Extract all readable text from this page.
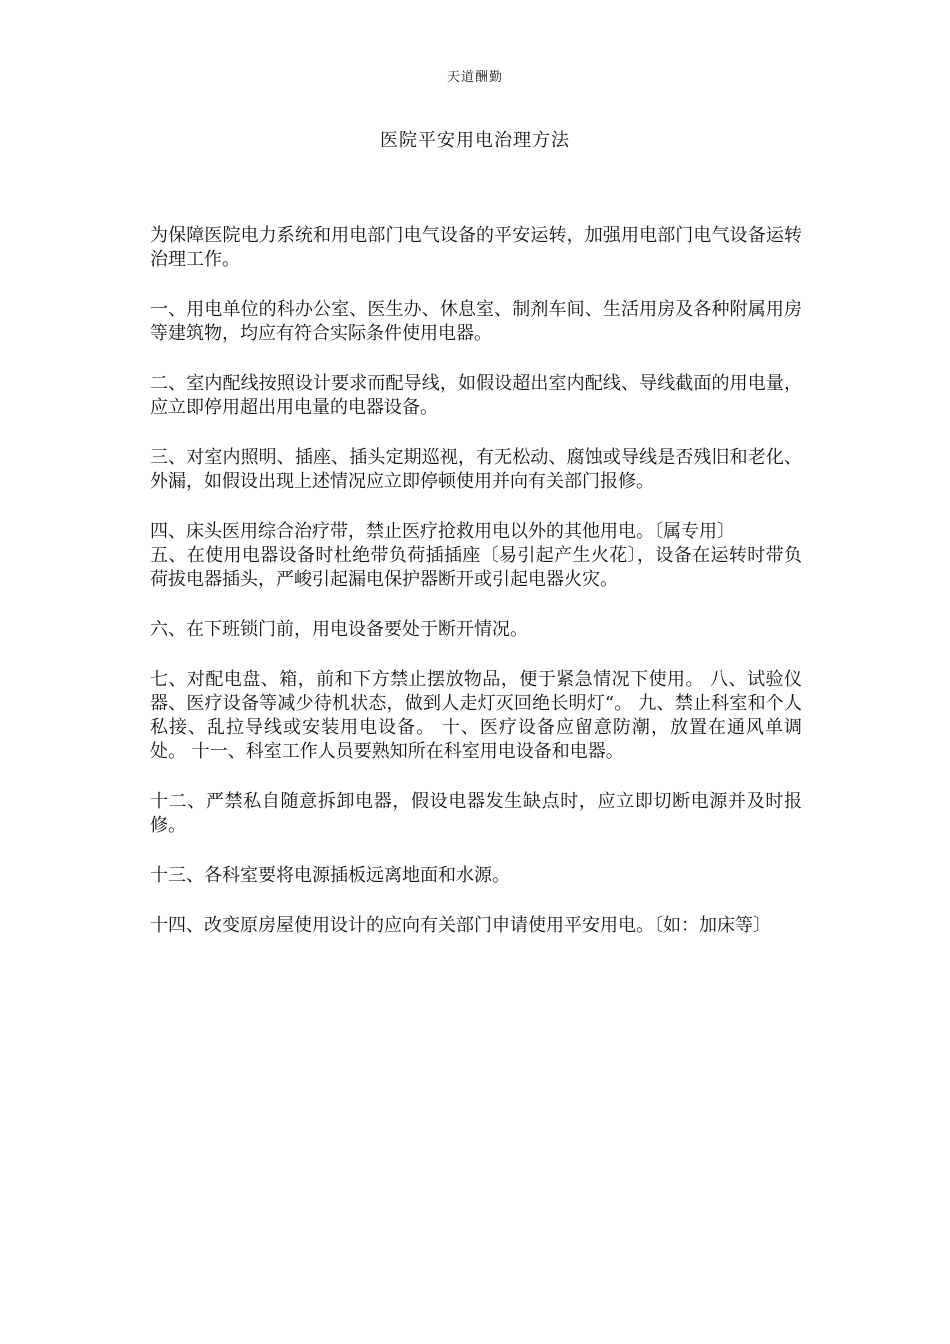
天道酬勤
医院平安用电治理方法

为保障医院电力系统和用电部门电气设备的平安运转，加强用电部门电气设备运转治理工作。

一、用电单位的科办公室、医生办、休息室、制剂车间、生活用房及各种附属用房等建筑物，均应有符合实际条件使用电器。

二、室内配线按照设计要求而配导线，如假设超出室内配线、导线截面的用电量，应立即停用超出用电量的电器设备。

三、对室内照明、插座、插头定期巡视，有无松动、腐蚀或导线是否残旧和老化、外漏，如假设出现上述情况应立即停顿使用并向有关部门报修。

四、床头医用综合治疗带，禁止医疗抢救用电以外的其他用电。〔属专用〕

五、在使用电器设备时杜绝带负荷插插座〔易引起产生火花〕，设备在运转时带负荷拔电器插头，严峻引起漏电保护器断开或引起电器火灾。

六、在下班锁门前，用电设备要处于断开情况。

七、对配电盘、箱，前和下方禁止摆放物品，便于紧急情况下使用。 八、试验仪器、医疗设备等减少待机状态，做到人走灯灭回绝长明灯“。 九、禁止科室和个人私接、乱拉导线或安装用电设备。 十、医疗设备应留意防潮，放置在通风单调处。 十一、科室工作人员要熟知所在科室用电设备和电器。

十二、严禁私自随意拆卸电器，假设电器发生缺点时，应立即切断电源并及时报修。

十三、各科室要将电源插板远离地面和水源。

十四、改变原房屋使用设计的应向有关部门申请使用平安用电。〔如：加床等〕
